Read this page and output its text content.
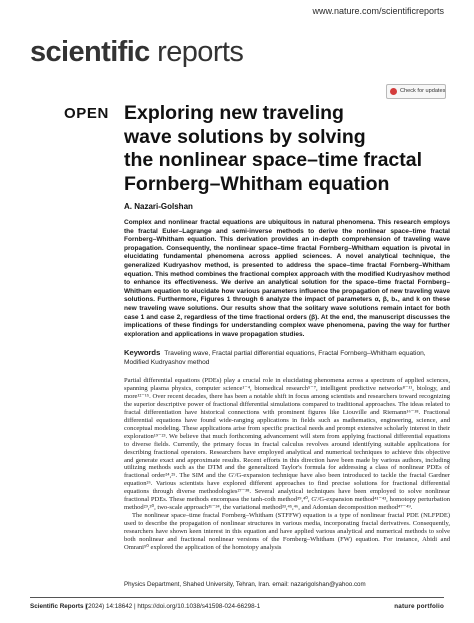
www.nature.com/scientificreports
scientific reports
OPEN
Check for updates
Exploring new traveling
wave solutions by solving
the nonlinear space–time fractal
Fornberg–Whitham equation
A. Nazari‑Golshan
Complex and nonlinear fractal equations are ubiquitous in natural phenomena. This research employs the fractal Euler–Lagrange and semi‑inverse methods to derive the nonlinear space–time fractal Fornberg–Whitham equation. This derivation provides an in‑depth comprehension of traveling wave propagation. Consequently, the nonlinear space–time fractal Fornberg–Whitham equation is pivotal in elucidating fundamental phenomena across applied sciences. A novel analytical technique, the generalized Kudryashov method, is presented to address the space–time fractal Fornberg–Whitham equation. This method combines the fractional complex approach with the modified Kudryashov method to enhance its effectiveness. We derive an analytical solution for the space–time fractal Fornberg–Whitham equation to elucidate how various parameters influence the propagation of new traveling wave solutions. Furthermore, Figures 1 through 6 analyze the impact of parameters α, β, b₁, and k on these new traveling wave solutions. Our results show that the solitary wave solutions remain intact for both case 1 and case 2, regardless of the time fractional orders (β). At the end, the manuscript discusses the implications of these findings for understanding complex wave phenomena, paving the way for further exploration and applications in wave propagation studies.
Keywords Traveling wave, Fractal partial differential equations, Fractal Fornberg–Whitham equation, Modified Kudryashov method

Partial differential equations (PDEs) play a crucial role in elucidating phenomena across a spectrum of applied sciences, spanning plasma physics, computer science¹⁻⁴, biomedical research⁵⁻⁷, intelligent predictive networks⁸⁻¹¹, biology, and more¹²⁻¹⁵. Over recent decades, there has been a notable shift in focus among scientists and researchers toward recognizing the superior descriptive power of fractional differential simulations compared to traditional approaches. The ideas related to fractal differentiation have historical connections with prominent figures like Liouville and Riemann¹⁶⁻¹⁸. Fractional differential equations have found wide-ranging applications in fields such as mathematics, engineering, science, and conceptual modeling. These applications arise from specific practical needs and prompt extensive scholarly interest in their exploration¹⁹⁻²³. We believe that much forthcoming advancement will stem from applying fractional differential equations to diverse fields. Currently, the primary focus in fractal calculus revolves around identifying suitable applications for describing fractional operators. Researchers have employed analytical and numerical techniques to achieve this objective and generate exact and approximate results. Recent efforts in this direction have been made by various authors, including utilizing methods such as the DTM and the generalized Taylor's formula for addressing a class of nonlinear PDEs of fractional order²⁴,²⁵. The SIM and the G′/G-expansion technique have also been introduced to tackle the fractal Gardner equation²⁶. Various scientists have explored different approaches to find precise solutions for fractional differential equations through diverse methodologies²⁷⁻³⁸. Several analytical techniques have been employed to solve nonlinear fractional PDEs. These methods encompass the tanh-coth method³⁹,⁴⁰, G′/G-expansion method⁴¹⁻⁴³, homotopy perturbation method²⁹,³⁰, two-scale approach³¹⁻³⁴, the variational method³³,⁴⁵,⁴⁶, and Adomian decomposition method⁴⁷⁻⁴⁹.

The nonlinear space–time fractal Fornberg–Whitham (STFFW) equation is a type of nonlinear fractal PDE (NLFPDE) used to describe the propagation of nonlinear structures in various media, incorporating fractal derivatives. Consequently, researchers have shown keen interest in this equation and have applied various analytical and numerical methods to solve both nonlinear and fractional nonlinear versions of the Fornberg–Whitham (FW) equation. For instance, Abidi and Omrani⁵⁰ explored the application of the homotopy analysis

Physics Department, Shahed University, Tehran, Iran. email: nazarigolshan@yahoo.com
Scientific Reports |
(2024) 14:18642 | https://doi.org/10.1038/s41598-024-66298-1	nature portfolio
